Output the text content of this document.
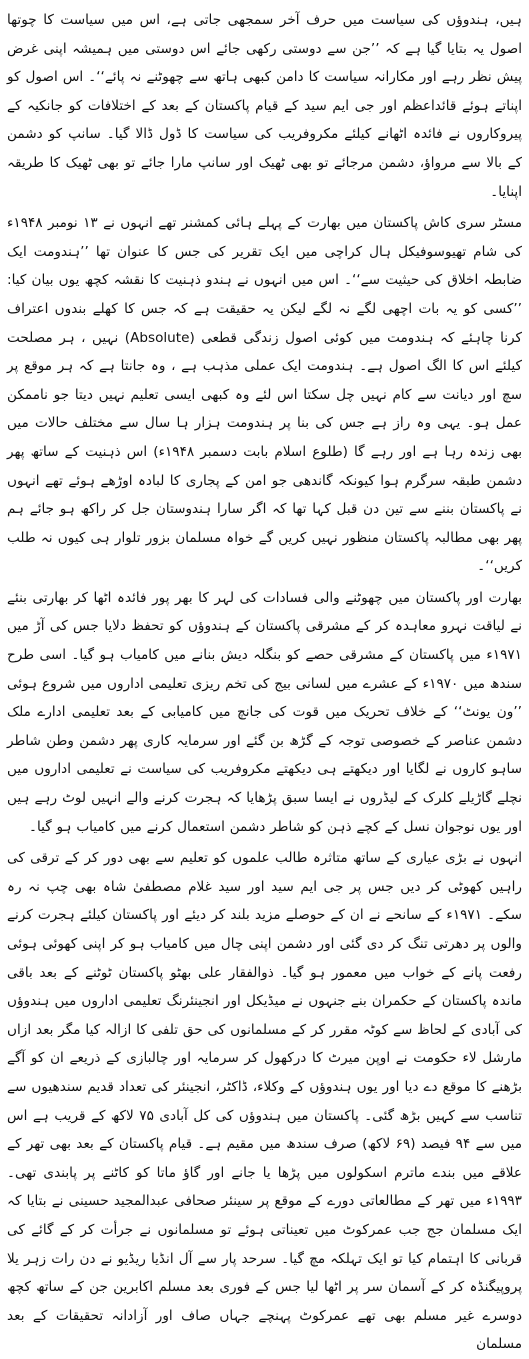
ہیں، ہندوؤں کی سیاست میں حرف آخر سمجھی جاتی ہے، اس میں سیاست کا چوتھا اصول یہ بتایا گیا ہے کہ ’’جن سے دوستی رکھی جائے اس دوستی میں ہمیشہ اپنی غرض پیش نظر رہے اور مکارانہ سیاست کا دامن کبھی ہاتھ سے چھوٹنے نہ پائے‘‘۔ اس اصول کو اپناتے ہوئے قائداعظم اور جی ایم سید کے قیام پاکستان کے بعد کے اختلافات کو جانکیہ کے پیروکاروں نے فائدہ اٹھانے کیلئے مکروفریب کی سیاست کا ڈول ڈالا گیا۔ سانپ کو دشمن کے بالا سے مرواؤ، دشمن مرجائے تو بھی ٹھیک اور سانپ مارا جائے تو بھی ٹھیک کا طریقہ اپنایا۔

مسٹر سری کاش پاکستان میں بھارت کے پہلے ہائی کمشنر تھے انہوں نے ۱۳ نومبر ۱۹۴۸ء کی شام تھیوسوفیکل ہال کراچی میں ایک تقریر کی جس کا عنوان تھا ’’ہندومت ایک ضابطہ اخلاق کی حیثیت سے‘‘۔ اس میں انہوں نے ہندو ذہنیت کا نقشہ کچھ یوں بیان کیا: ’’کسی کو یہ بات اچھی لگے نہ لگے لیکن یہ حقیقت ہے کہ جس کا کھلے بندوں اعتراف کرنا چاہئے کہ ہندومت میں کوئی اصول زندگی قطعی (Absolute) نہیں ، ہر مصلحت کیلئے اس کا الگ اصول ہے۔ ہندومت ایک عملی مذہب ہے ، وہ جانتا ہے کہ ہر موقع پر سچ اور دیانت سے کام نہیں چل سکتا اس لئے وہ کبھی ایسی تعلیم نہیں دیتا جو ناممکن عمل ہو۔ یہی وہ راز ہے جس کی بنا پر ہندومت ہزار ہا سال سے مختلف حالات میں بھی زندہ رہا ہے اور رہے گا (طلوع اسلام بابت دسمبر ۱۹۴۸ء) اس ذہنیت کے ساتھ پھر دشمن طبقہ سرگرم ہوا کیونکہ گاندھی جو امن کے پجاری کا لبادہ اوڑھے ہوئے تھے انہوں نے پاکستان بننے سے تین دن قبل کہا تھا کہ اگر سارا ہندوستان جل کر راکھ ہو جائے ہم پھر بھی مطالبہ پاکستان منظور نہیں کریں گے خواہ مسلمان بزور تلوار ہی کیوں نہ طلب کریں‘‘۔

بھارت اور پاکستان میں چھوٹنے والی فسادات کی لہر کا بھر پور فائدہ اٹھا کر بھارتی بنئے نے لیاقت نہرو معاہدہ کر کے مشرقی پاکستان کے ہندوؤں کو تحفظ دلایا جس کی آڑ میں ۱۹۷۱ء میں پاکستان کے مشرقی حصے کو بنگلہ دیش بنانے میں کامیاب ہو گیا۔ اسی طرح سندھ میں ۱۹۷۰ء کے عشرے میں لسانی بیج کی تخم ریزی تعلیمی اداروں میں شروع ہوئی ’’ون یونٹ‘‘ کے خلاف تحریک میں قوت کی جانچ میں کامیابی کے بعد تعلیمی ادارے ملک دشمن عناصر کے خصوصی توجہ کے گڑھ بن گئے اور سرمایہ کاری پھر دشمن وطن شاطر ساہو کاروں نے لگایا اور دیکھتے ہی دیکھتے مکروفریب کی سیاست نے تعلیمی اداروں میں نچلے گاڑیلے کلرک کے لیڈروں نے ایسا سبق پڑھایا کہ ہجرت کرنے والے انہیں لوٹ رہے ہیں اور یوں نوجوان نسل کے کچے ذہن کو شاطر دشمن استعمال کرنے میں کامیاب ہو گیا۔

انہوں نے بڑی عیاری کے ساتھ متاثرہ طالب علموں کو تعلیم سے بھی دور کر کے ترقی کی راہیں کھوٹی کر دیں جس پر جی ایم سید اور سید غلام مصطفیٰ شاہ بھی چپ نہ رہ سکے۔ ۱۹۷۱ء کے سانحے نے ان کے حوصلے مزید بلند کر دیئے اور پاکستان کیلئے ہجرت کرنے والوں پر دھرتی تنگ کر دی گئی اور دشمن اپنی چال میں کامیاب ہو کر اپنی کھوئی ہوئی رفعت پانے کے خواب میں معمور ہو گیا۔ ذوالفقار علی بھٹو پاکستان ٹوٹنے کے بعد باقی ماندہ پاکستان کے حکمران بنے جنہوں نے میڈیکل اور انجینئرنگ تعلیمی اداروں میں ہندوؤں کی آبادی کے لحاظ سے کوٹہ مقرر کر کے مسلمانوں کی حق تلفی کا ازالہ کیا مگر بعد ازاں مارشل لاء حکومت نے اوپن میرٹ کا درکھول کر سرمایہ اور چالبازی کے ذریعے ان کو آگے بڑھنے کا موقع دے دیا اور یوں ہندوؤں کے وکلاء، ڈاکٹر، انجینئر کی تعداد قدیم سندھیوں سے تناسب سے کہیں بڑھ گئی۔ پاکستان میں ہندوؤں کی کل آبادی ۷۵ لاکھ کے قریب ہے اس میں سے ۹۴ فیصد (۶۹ لاکھ) صرف سندھ میں مقیم ہے۔ قیام پاکستان کے بعد بھی تھر کے علاقے میں بندے ماترم اسکولوں میں پڑھا یا جانے اور گاؤ ماتا کو کاٹنے پر پابندی تھی۔ ۱۹۹۳ء میں تھر کے مطالعاتی دورے کے موقع پر سینئر صحافی عبدالمجید حسینی نے بتایا کہ ایک مسلمان جج جب عمرکوٹ میں تعیناتی ہوئے تو مسلمانوں نے جرأت کر کے گائے کی قربانی کا اہتمام کیا تو ایک تہلکہ مچ گیا۔ سرحد پار سے آل انڈیا ریڈیو نے دن رات زہر یلا پروپیگنڈہ کر کے آسمان سر پر اٹھا لیا جس کے فوری بعد مسلم اکابرین جن کے ساتھ کچھ دوسرے غیر مسلم بھی تھے عمرکوٹ پہنچے جہاں صاف اور آزادانہ تحقیقات کے بعد مسلمان
